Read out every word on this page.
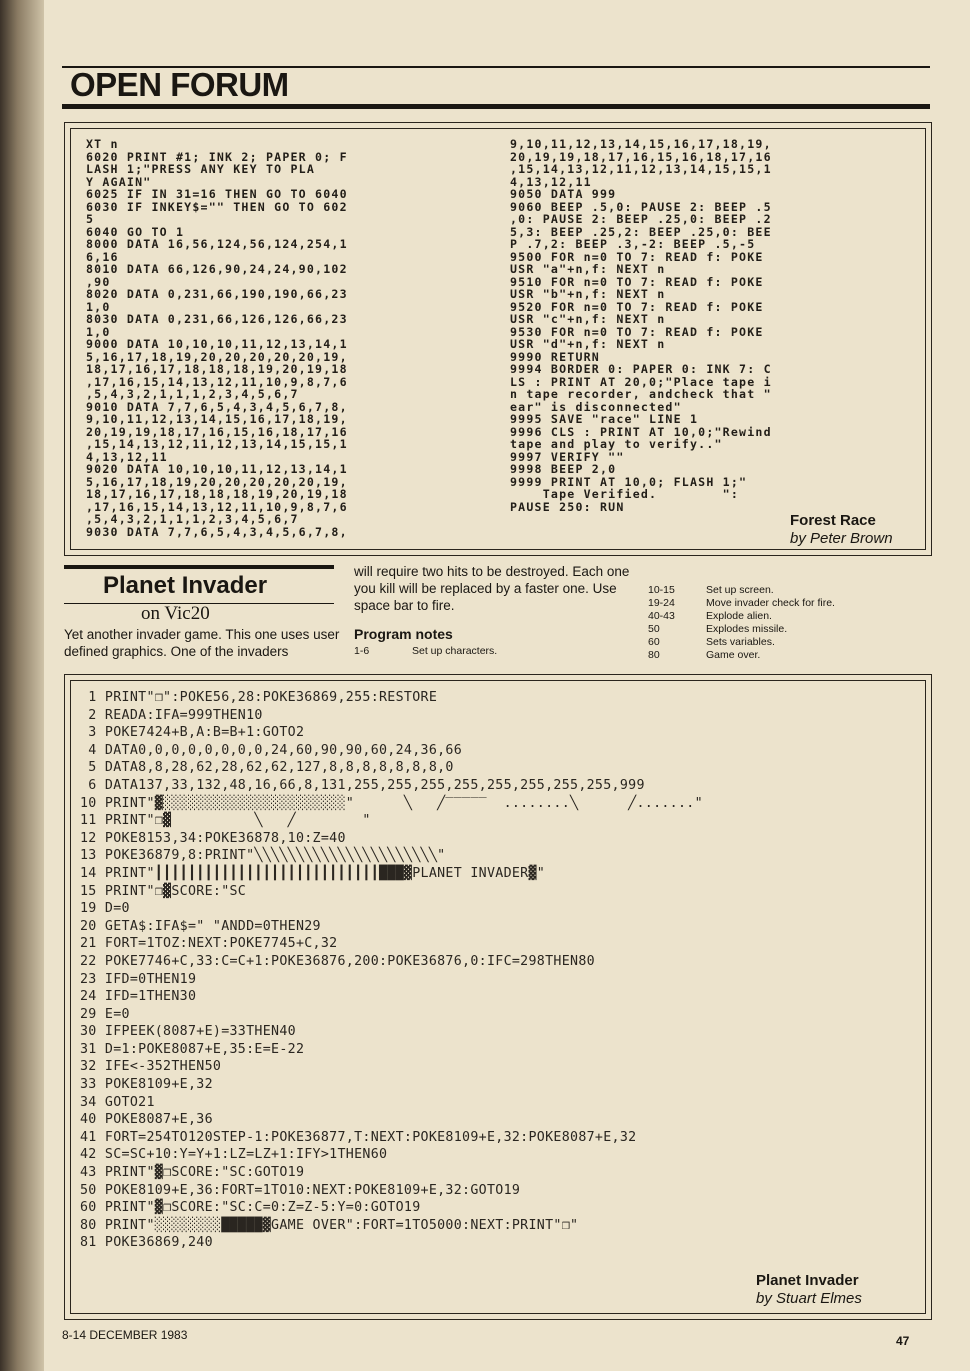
OPEN FORUM
XT n
6020 PRINT #1; INK 2; PAPER 0; F
LASH 1;"PRESS ANY KEY TO PLA
Y AGAIN"
6025 IF IN 31=16 THEN GO TO 6040
6030 IF INKEY$="" THEN GO TO 602
5
6040 GO TO 1
8000 DATA 16,56,124,56,124,254,1
6,16
8010 DATA 66,126,90,24,24,90,102
,90
8020 DATA 0,231,66,190,190,66,23
1,0
8030 DATA 0,231,66,126,126,66,23
1,0
9000 DATA 10,10,10,11,12,13,14,1
5,16,17,18,19,20,20,20,20,20,19,
18,17,16,17,18,18,18,19,20,19,18
,17,16,15,14,13,12,11,10,9,8,7,6
,5,4,3,2,1,1,1,2,3,4,5,6,7
9010 DATA 7,7,6,5,4,3,4,5,6,7,8,
9,10,11,12,13,14,15,16,17,18,19,
20,19,19,18,17,16,15,16,18,17,16
,15,14,13,12,11,12,13,14,15,15,1
4,13,12,11
9020 DATA 10,10,10,11,12,13,14,1
5,16,17,18,19,20,20,20,20,20,19,
18,17,16,17,18,18,18,19,20,19,18
,17,16,15,14,13,12,11,10,9,8,7,6
,5,4,3,2,1,1,1,2,3,4,5,6,7
9030 DATA 7,7,6,5,4,3,4,5,6,7,8,
9,10,11,12,13,14,15,16,17,18,19,
20,19,19,18,17,16,15,16,18,17,16
,15,14,13,12,11,12,13,14,15,15,1
4,13,12,11
9050 DATA 999
9060 BEEP .5,0: PAUSE 2: BEEP .5
,0: PAUSE 2: BEEP .25,0: BEEP .2
5,3: BEEP .25,2: BEEP .25,0: BEE
P .7,2: BEEP .3,-2: BEEP .5,-5
9500 FOR n=0 TO 7: READ f: POKE
USR "a"+n,f: NEXT n
9510 FOR n=0 TO 7: READ f: POKE
USR "b"+n,f: NEXT n
9520 FOR n=0 TO 7: READ f: POKE
USR "c"+n,f: NEXT n
9530 FOR n=0 TO 7: READ f: POKE
USR "d"+n,f: NEXT n
9990 RETURN
9994 BORDER 0: PAPER 0: INK 7: C
LS : PRINT AT 20,0;"Place tape i
n tape recorder, andcheck that "
ear" is disconnected"
9995 SAVE "race" LINE 1
9996 CLS : PRINT AT 10,0;"Rewind
tape and play to verify.."
9997 VERIFY ""
9998 BEEP 2,0
9999 PRINT AT 10,0; FLASH 1;"
Tape Verified.        ":
PAUSE 250: RUN
Forest Race
by Peter Brown
Planet Invader
on Vic20
Yet another invader game. This one uses user defined graphics. One of the invaders
will require two hits to be destroyed. Each one you kill will be replaced by a faster one. Use space bar to fire.
Program notes
1-6	Set up characters.
10-15	Set up screen.
19-24	Move invader check for fire.
40-43	Explode alien.
50	Explodes missile.
60	Sets variables.
80	Game over.
1 PRINT"❒":POKE56,28:POKE36869,255:RESTORE
2 READA:IFA=999THEN10
3 POKE7424+B,A:B=B+1:GOTO2
4 DATA0,0,0,0,0,0,0,0,24,60,90,90,60,24,36,66
5 DATA8,8,28,62,28,62,62,127,8,8,8,8,8,8,8,0
6 DATA137,33,132,48,16,66,8,131,255,255,255,255,255,255,255,255,999
10 PRINT"▓░░░░░░░░░░░░░░░░░░░░░░"      ╲   ╱‾‾‾‾‾  ........╲      ╱......."
11 PRINT"❒▓          ╲   ╱        "
12 POKE8153,34:POKE36878,10:Z=40
13 POKE36879,8:PRINT"╲╲╲╲╲╲╲╲╲╲╲╲╲╲╲╲╲╲╲╲╲╲"
14 PRINT"┃┃┃┃┃┃┃┃┃┃┃┃┃┃┃┃┃┃┃┃┃┃┃┃┃┃┃███▓PLANET INVADER▓"
15 PRINT"❒▓SCORE:"SC
19 D=0
20 GETA$:IFA$=" "ANDD=0THEN29
21 FORT=1TOZ:NEXT:POKE7745+C,32
22 POKE7746+C,33:C=C+1:POKE36876,200:POKE36876,0:IFC=298THEN80
23 IFD=0THEN19
24 IFD=1THEN30
29 E=0
30 IFPEEK(8087+E)=33THEN40
31 D=1:POKE8087+E,35:E=E-22
32 IFE<-352THEN50
33 POKE8109+E,32
34 GOTO21
40 POKE8087+E,36
41 FORT=254TO120STEP-1:POKE36877,T:NEXT:POKE8109+E,32:POKE8087+E,32
42 SC=SC+10:Y=Y+1:LZ=LZ+1:IFY>1THEN60
43 PRINT"▓❒SCORE:"SC:GOTO19
50 POKE8109+E,36:FORT=1TO10:NEXT:POKE8109+E,32:GOTO19
60 PRINT"▓❒SCORE:"SC:C=0:Z=Z-5:Y=0:GOTO19
80 PRINT"░░░░░░░░█████▓GAME OVER":FORT=1TO5000:NEXT:PRINT"❒"
81 POKE36869,240
Planet Invader
by Stuart Elmes
8-14 DECEMBER 1983	47
